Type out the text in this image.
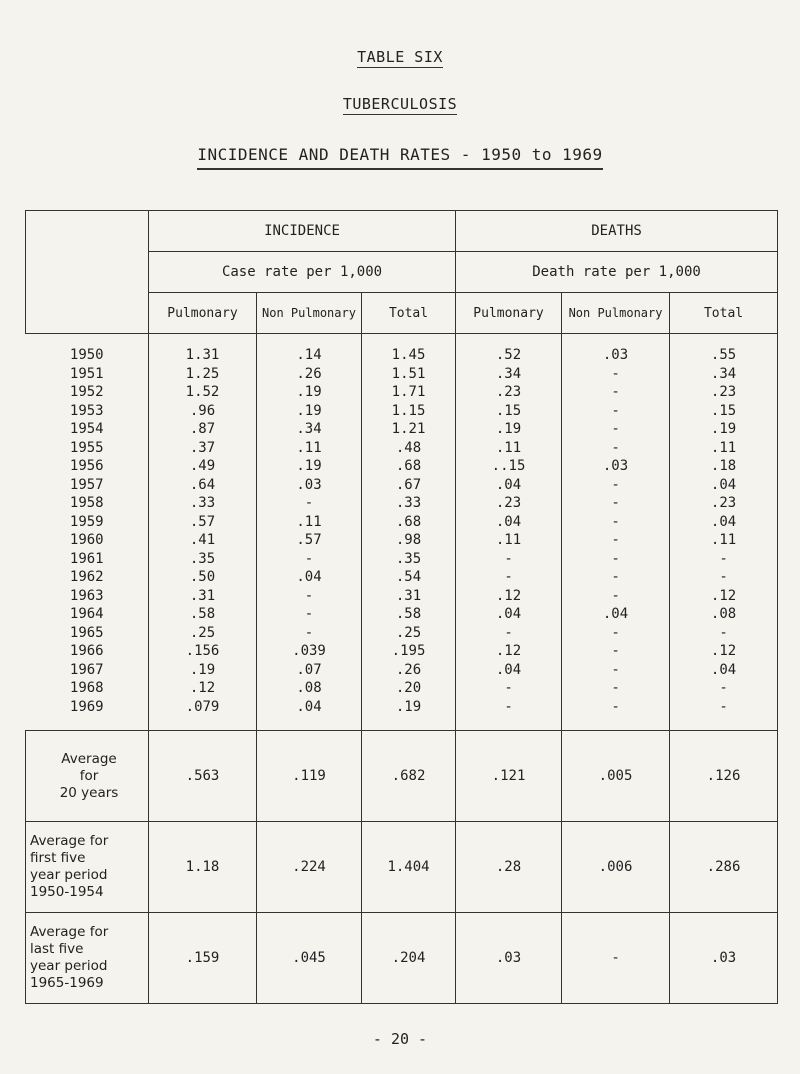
TABLE SIX
TUBERCULOSIS
INCIDENCE AND DEATH RATES - 1950 to 1969
	INCIDENCE			DEATHS		
	Case rate per 1,000			Death rate per 1,000		
	Pulmonary	Non Pulmonary	Total	Pulmonary	Non Pulmonary	Total
1950	1.31	.14	1.45	.52	.03	.55
1951	1.25	.26	1.51	.34	-	.34
1952	1.52	.19	1.71	.23	-	.23
1953	.96	.19	1.15	.15	-	.15
1954	.87	.34	1.21	.19	-	.19
1955	.37	.11	.48	.11	-	.11
1956	.49	.19	.68	..15	.03	.18
1957	.64	.03	.67	.04	-	.04
1958	.33	-	.33	.23	-	.23
1959	.57	.11	.68	.04	-	.04
1960	.41	.57	.98	.11	-	.11
1961	.35	-	.35	-	-	-
1962	.50	.04	.54	-	-	-
1963	.31	-	.31	.12	-	.12
1964	.58	-	.58	.04	.04	.08
1965	.25	-	.25	-	-	-
1966	.156	.039	.195	.12	-	.12
1967	.19	.07	.26	.04	-	.04
1968	.12	.08	.20	-	-	-
1969	.079	.04	.19	-	-	-

Average
for
20 years	.563	.119	.682	.121	.005	.126

Average for
first five
year period
1950-1954	1.18	.224	1.404	.28	.006	.286

Average for
last five
year period
1965-1969	.159	.045	.204	.03	-	.03
- 20 -
